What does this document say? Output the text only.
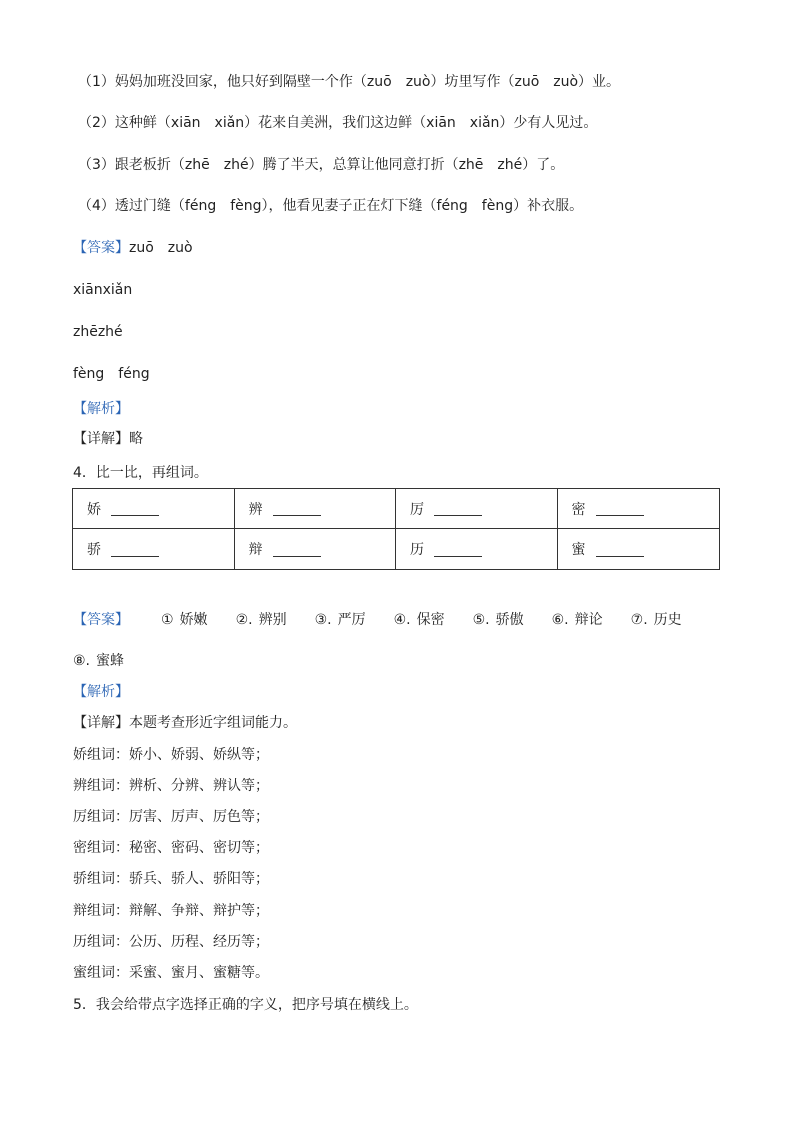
（1）妈妈加班没回家，他只好到隔壁一个作（zuō　zuò）坊里写作（zuō　zuò）业。
（2）这种鲜（xiān　xiǎn）花来自美洲，我们这边鲜（xiān　xiǎn）少有人见过。
（3）跟老板折（zhē　zhé）腾了半天，总算让他同意打折（zhē　zhé）了。
（4）透过门缝（féng　fèng），他看见妻子正在灯下缝（féng　fèng）补衣服。
【答案】zuō　zuò
xiānxiǎn
zhēzhé
fèng　féng
【解析】
【详解】略
4．比一比，再组词。
娇	辨	厉	密
骄	辩	历	蜜
【答案】 ① 娇嫩 ②. 辨别 ③. 严厉 ④. 保密 ⑤. 骄傲 ⑥. 辩论 ⑦. 历史
⑧. 蜜蜂
【解析】
【详解】本题考查形近字组词能力。
娇组词：娇小、娇弱、娇纵等；
辨组词：辨析、分辨、辨认等；
厉组词：厉害、厉声、厉色等；
密组词：秘密、密码、密切等；
骄组词：骄兵、骄人、骄阳等；
辩组词：辩解、争辩、辩护等；
历组词：公历、历程、经历等；
蜜组词：采蜜、蜜月、蜜糖等。
5．我会给带点字选择正确的字义，把序号填在横线上。
